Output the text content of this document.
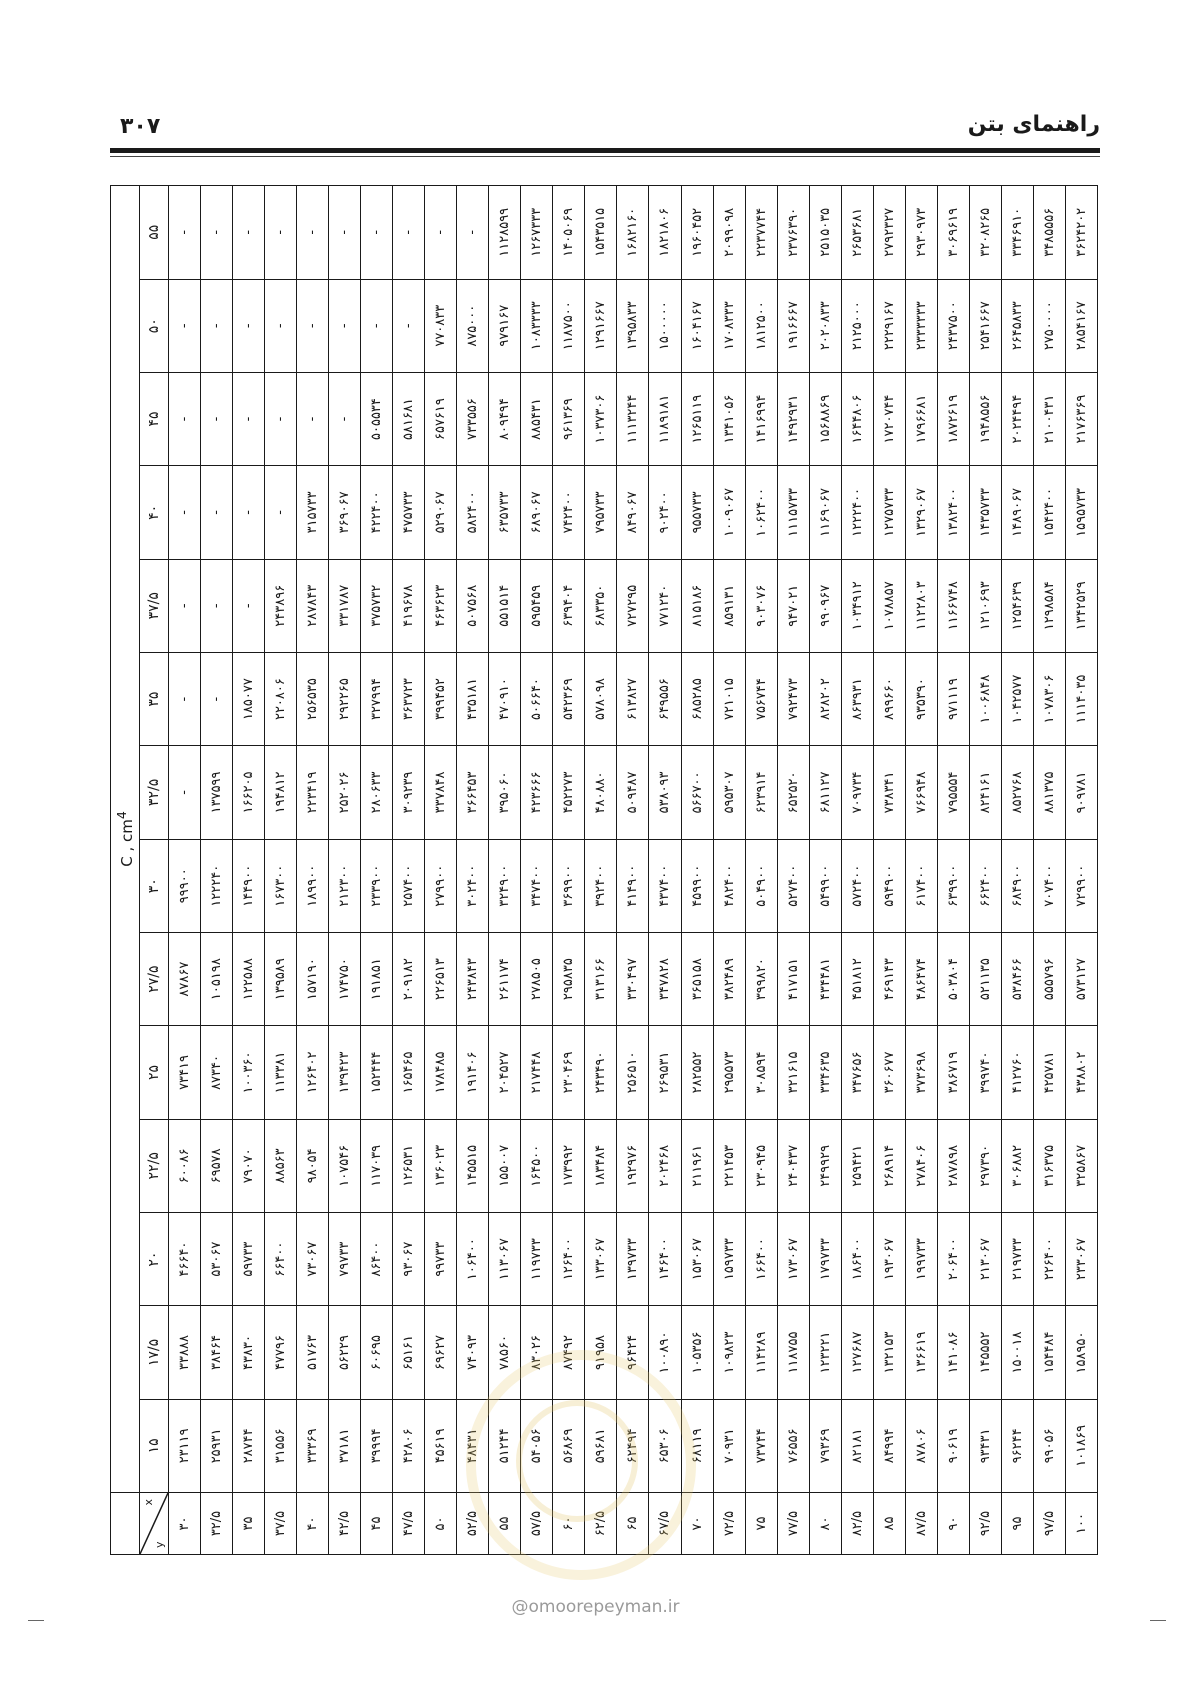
۳۰۷	راهنمای بتن
	C , $cm^4$

x
y	۱۵	۱۷/۵	۲۰	۲۲/۵	۲۵	۲۷/۵	۳۰	۳۲/۵	۳۵	۳۷/۵	۴۰	۴۵	۵۰	۵۵
۳۰	۲۳۱۱۹	۳۳۸۸۸	۴۶۶۴۰	۶۰۰۸۶	۷۳۴۱۹	۸۷۸۶۷	۹۹۹۰۰	-	-	-	-	-	-	-
۳۲/۵	۲۵۹۳۱	۳۸۴۶۴	۵۳۰۶۷	۶۹۵۷۸	۸۷۳۴۰	۱۰۵۱۹۸	۱۲۲۲۴۰	۱۳۷۵۹۹	-	-	-	-	-	-
۳۵	۲۸۷۴۴	۴۳۸۳۰	۵۹۷۳۳	۷۹۰۷۰	۱۰۰۳۶۰	۱۲۲۵۸۸	۱۴۴۹۰۰	۱۶۶۲۰۵	۱۸۵۰۷۷	-	-	-	-	-
۳۷/۵	۳۱۵۵۶	۴۷۷۹۶	۶۶۴۰۰	۸۸۵۶۳	۱۱۳۳۸۱	۱۳۹۵۸۹	۱۶۷۳۰۰	۱۹۴۸۱۲	۲۲۰۸۰۶	۲۴۳۸۹۶	-	-	-	-
۴۰	۳۳۳۶۹	۵۱۷۶۳	۷۳۰۶۷	۹۸۰۵۴	۱۲۶۴۰۲	۱۵۷۱۹۰	۱۸۹۹۰۰	۲۲۳۴۱۹	۲۵۶۵۳۵	۲۸۷۸۴۳	۳۱۵۷۳۳	-	-	-
۴۲/۵	۳۷۱۸۱	۵۶۲۲۹	۷۹۷۳۳	۱۰۷۵۴۶	۱۳۹۴۲۳	۱۷۴۷۵۰	۲۱۲۳۰۰	۲۵۲۰۲۶	۲۹۲۲۶۵	۳۳۱۷۸۷	۳۶۹۰۶۷	-	-	-
۴۵	۳۹۹۹۴	۶۰۶۹۵	۸۶۴۰۰	۱۱۷۰۳۹	۱۵۲۴۴۴	۱۹۱۸۵۱	۲۳۳۹۰۰	۲۸۰۶۳۳	۳۲۷۹۹۴	۳۷۵۷۳۲	۴۲۲۴۰۰	۵۰۵۵۳۴	-	-
۴۷/۵	۴۲۸۰۶	۶۵۱۶۱	۹۳۰۶۷	۱۲۶۵۳۱	۱۶۵۴۶۵	۲۰۹۱۸۲	۲۵۷۴۰۰	۳۰۹۲۳۹	۳۶۳۷۲۳	۴۱۹۶۷۸	۴۷۵۷۳۳	۵۸۱۶۸۱	-	-
۵۰	۴۵۶۱۹	۶۹۶۲۷	۹۹۷۳۳	۱۳۶۰۲۳	۱۷۸۴۸۵	۲۲۶۵۱۳	۲۷۹۹۰۰	۳۳۷۸۴۸	۳۹۹۴۵۲	۴۶۳۶۲۳	۵۲۹۰۶۷	۶۵۷۶۱۹	۷۷۰۸۳۳	-
۵۲/۵	۴۸۴۳۱	۷۴۰۹۳	۱۰۶۴۰۰	۱۴۵۵۱۵	۱۹۱۴۰۶	۲۴۳۸۴۳	۳۰۲۴۰۰	۳۶۶۴۵۳	۴۳۵۱۸۱	۵۰۷۵۶۸	۵۸۲۴۰۰	۷۳۳۵۵۶	۸۷۵۰۰۰	-
۵۵	۵۱۲۴۴	۷۸۵۶۰	۱۱۳۰۶۷	۱۵۵۰۰۷	۲۰۴۵۲۷	۲۶۱۱۷۴	۳۲۴۹۰۰	۳۹۵۰۶۰	۴۷۰۹۱۰	۵۵۱۵۱۴	۶۳۵۷۳۳	۸۰۹۴۹۴	۹۷۹۱۶۷	۱۱۲۸۵۹۹
۵۷/۵	۵۴۰۵۶	۸۳۰۲۶	۱۱۹۷۳۳	۱۶۴۵۰۰	۲۱۷۴۴۸	۲۷۸۵۰۵	۳۴۷۴۰۰	۴۲۳۶۶۶	۵۰۶۶۴۰	۵۹۵۴۵۹	۶۸۹۰۶۷	۸۸۵۴۳۱	۱۰۸۳۳۳۳	۱۲۶۷۳۳۳
۶۰	۵۶۸۶۹	۸۷۴۹۲	۱۲۶۴۰۰	۱۷۳۹۹۲	۲۳۰۴۶۹	۲۹۵۸۳۵	۳۶۹۹۰۰	۴۵۲۲۷۳	۵۴۲۳۶۹	۶۳۹۴۰۴	۷۴۲۴۰۰	۹۶۱۳۶۹	۱۱۸۷۵۰۰	۱۴۰۵۰۶۹
۶۲/۵	۵۹۶۸۱	۹۱۹۵۸	۱۳۳۰۶۷	۱۸۳۴۸۴	۲۴۳۴۹۰	۳۱۳۱۶۶	۳۹۲۴۰۰	۴۸۰۸۸۰	۵۷۸۰۹۸	۶۸۳۳۵۰	۷۹۵۷۳۳	۱۰۳۷۳۰۶	۱۲۹۱۶۶۷	۱۵۴۳۵۱۵
۶۵	۶۲۴۹۴	۹۶۴۲۴	۱۳۹۷۳۳	۱۹۲۹۷۶	۲۵۶۵۱۰	۳۳۰۴۹۷	۴۱۴۹۰۰	۵۰۹۴۸۷	۶۱۳۸۲۷	۷۲۷۲۹۵	۸۴۹۰۶۷	۱۱۱۳۲۴۴	۱۳۹۵۸۳۳	۱۶۸۲۱۶۰
۶۷/۵	۶۵۳۰۶	۱۰۰۸۹۰	۱۴۶۴۰۰	۲۰۲۴۶۸	۲۶۹۵۳۱	۳۴۷۸۲۸	۴۳۷۴۰۰	۵۳۸۰۹۳	۶۴۹۵۵۶	۷۷۱۲۴۰	۹۰۲۴۰۰	۱۱۸۹۱۸۱	۱۵۰۰۰۰۰	۱۸۲۱۸۰۶
۷۰	۶۸۱۱۹	۱۰۵۳۵۶	۱۵۳۰۶۷	۲۱۱۹۶۱	۲۸۲۵۵۲	۳۶۵۱۵۸	۴۵۹۹۰۰	۵۶۶۷۰۰	۶۸۵۲۸۵	۸۱۵۱۸۶	۹۵۵۷۳۳	۱۲۶۵۱۱۹	۱۶۰۴۱۶۷	۱۹۶۰۴۵۲
۷۲/۵	۷۰۹۳۱	۱۰۹۸۲۳	۱۵۹۷۳۳	۲۲۱۴۵۳	۲۹۵۵۷۳	۳۸۲۴۸۹	۴۸۲۴۰۰	۵۹۵۳۰۷	۷۲۱۰۱۵	۸۵۹۱۳۱	۱۰۰۹۰۶۷	۱۳۴۱۰۵۶	۱۷۰۸۳۳۳	۲۰۹۹۰۹۸
۷۵	۷۳۷۴۴	۱۱۴۲۸۹	۱۶۶۴۰۰	۲۳۰۹۴۵	۳۰۸۵۹۴	۳۹۹۸۲۰	۵۰۴۹۰۰	۶۲۳۹۱۴	۷۵۶۷۴۴	۹۰۳۰۷۶	۱۰۶۲۴۰۰	۱۴۱۶۹۹۴	۱۸۱۲۵۰۰	۲۲۳۷۷۴۴
۷۷/۵	۷۶۵۵۶	۱۱۸۷۵۵	۱۷۳۰۶۷	۲۴۰۴۳۷	۳۲۱۶۱۵	۴۱۷۱۵۱	۵۲۷۴۰۰	۶۵۲۵۲۰	۷۹۲۴۷۳	۹۴۷۰۲۱	۱۱۱۵۷۳۳	۱۴۹۲۹۳۱	۱۹۱۶۶۶۷	۲۳۷۶۳۹۰
۸۰	۷۹۳۶۹	۱۲۳۲۲۱	۱۷۹۷۳۳	۲۴۹۹۲۹	۳۳۴۶۳۵	۴۳۴۴۸۱	۵۴۹۹۰۰	۶۸۱۱۲۷	۸۲۸۲۰۲	۹۹۰۹۶۷	۱۱۶۹۰۶۷	۱۵۶۸۸۶۹	۲۰۲۰۸۳۳	۲۵۱۵۰۳۵
۸۲/۵	۸۲۱۸۱	۱۲۷۶۸۷	۱۸۶۴۰۰	۲۵۹۴۲۱	۳۴۷۶۵۶	۴۵۱۸۱۲	۵۷۲۴۰۰	۷۰۹۷۳۴	۸۶۳۹۳۱	۱۰۳۴۹۱۲	۱۲۲۲۴۰۰	۱۶۴۴۸۰۶	۲۱۲۵۰۰۰	۲۶۵۳۶۸۱
۸۵	۸۴۹۹۴	۱۳۲۱۵۳	۱۹۳۰۶۷	۲۶۸۹۱۴	۳۶۰۶۷۷	۴۶۹۱۴۳	۵۹۴۹۰۰	۷۳۸۳۴۱	۸۹۹۶۶۰	۱۰۷۸۸۵۷	۱۲۷۵۷۳۳	۱۷۲۰۷۴۴	۲۲۲۹۱۶۷	۲۷۹۲۳۲۷
۸۷/۵	۸۷۸۰۶	۱۳۶۶۱۹	۱۹۹۷۳۳	۲۷۸۴۰۶	۳۷۳۶۹۸	۴۸۶۴۷۴	۶۱۷۴۰۰	۷۶۶۹۴۸	۹۳۵۳۹۰	۱۱۲۲۸۰۳	۱۳۲۹۰۶۷	۱۷۹۶۶۸۱	۲۳۳۳۳۳۳	۲۹۳۰۹۷۳
۹۰	۹۰۶۱۹	۱۴۱۰۸۶	۲۰۶۴۰۰	۲۸۷۸۹۸	۳۸۶۷۱۹	۵۰۳۸۰۴	۶۳۹۹۰۰	۷۹۵۵۵۴	۹۷۱۱۱۹	۱۱۶۶۷۴۸	۱۳۸۲۴۰۰	۱۸۷۲۶۱۹	۲۴۳۷۵۰۰	۳۰۶۹۶۱۹
۹۲/۵	۹۳۴۳۱	۱۴۵۵۵۲	۲۱۳۰۶۷	۲۹۷۳۹۰	۳۹۹۷۴۰	۵۲۱۱۳۵	۶۶۲۴۰۰	۸۲۴۱۶۱	۱۰۰۶۸۴۸	۱۲۱۰۶۹۳	۱۴۳۵۷۳۳	۱۹۴۸۵۵۶	۲۵۴۱۶۶۷	۳۲۰۸۲۶۵
۹۵	۹۶۲۴۴	۱۵۰۰۱۸	۲۱۹۷۳۳	۳۰۶۸۸۲	۴۱۲۷۶۰	۵۳۸۴۶۶	۶۸۴۹۰۰	۸۵۲۷۶۸	۱۰۴۲۵۷۷	۱۲۵۴۶۳۹	۱۴۸۹۰۶۷	۲۰۲۴۴۹۴	۲۶۴۵۸۳۳	۳۳۴۶۹۱۰
۹۷/۵	۹۹۰۵۶	۱۵۴۴۸۴	۲۲۶۴۰۰	۳۱۶۳۷۵	۴۲۵۷۸۱	۵۵۵۷۹۶	۷۰۷۴۰۰	۸۸۱۳۷۵	۱۰۷۸۳۰۶	۱۲۹۸۵۸۴	۱۵۴۲۴۰۰	۲۱۰۰۴۳۱	۲۷۵۰۰۰۰	۳۴۸۵۵۵۶
۱۰۰	۱۰۱۸۶۹	۱۵۸۹۵۰	۲۳۳۰۶۷	۳۲۵۸۶۷	۴۳۸۸۰۲	۵۷۳۱۲۷	۷۲۹۹۰۰	۹۰۹۷۸۱	۱۱۱۴۰۳۵	۱۳۴۲۵۲۹	۱۵۹۵۷۳۳	۲۱۷۶۳۶۹	۲۸۵۴۱۶۷	۳۶۲۴۲۰۲
@omoorepeyman.ir
